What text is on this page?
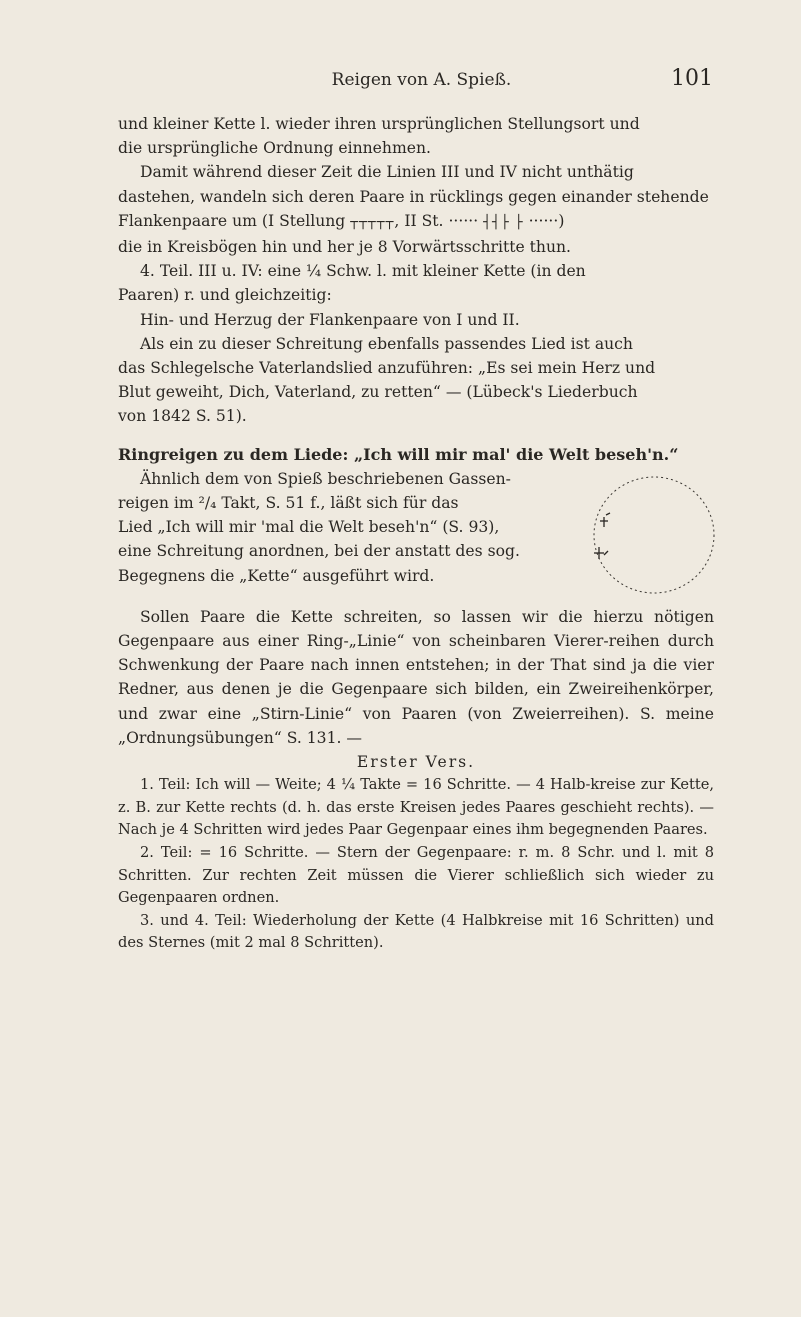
Reigen von A. Spieß.	101

und kleiner Kette l. wieder ihren ursprünglichen Stellungsort und

die ursprüngliche Ordnung einnehmen.

Damit während dieser Zeit die Linien III und IV nicht unthätig

dastehen, wandeln sich deren Paare in rücklings gegen einander stehende

Flankenpaare um (I Stellung ┬┬┬┬┬, II St. ······ ┤┤├ ├ ······)

die in Kreisbögen hin und her je 8 Vorwärtsschritte thun.

4. Teil. III u. IV: eine ¼ Schw. l. mit kleiner Kette (in den

Paaren) r. und gleichzeitig:

Hin- und Herzug der Flankenpaare von I und II.

Als ein zu dieser Schreitung ebenfalls passendes Lied ist auch

das Schlegelsche Vaterlandslied anzuführen: „Es sei mein Herz und

Blut geweiht, Dich, Vaterland, zu retten“ — (Lübeck's Liederbuch

von 1842 S. 51).

Ringreigen zu dem Liede: „Ich will mir mal' die Welt beseh'n.“

Ähnlich dem von Spieß beschriebenen Gassen-

reigen im ²/₄ Takt, S. 51 f., läßt sich für das

Lied „Ich will mir 'mal die Welt beseh'n“ (S. 93),

eine Schreitung anordnen, bei der anstatt des sog.

Begegnens die „Kette“ ausgeführt wird.

Sollen Paare die Kette schreiten, so lassen wir die hierzu nötigen Gegenpaare aus einer Ring-„Linie“ von scheinbaren Vierer-reihen durch Schwenkung der Paare nach innen entstehen; in der That sind ja die vier Redner, aus denen je die Gegenpaare sich bilden, ein Zweireihenkörper, und zwar eine „Stirn-Linie“ von Paaren (von Zweierreihen). S. meine „Ordnungsübungen“ S. 131. —

Erster Vers.

1. Teil: Ich will — Weite; 4 ¼ Takte = 16 Schritte. — 4 Halb-kreise zur Kette, z. B. zur Kette rechts (d. h. das erste Kreisen jedes Paares geschieht rechts). — Nach je 4 Schritten wird jedes Paar Gegenpaar eines ihm begegnenden Paares.

2. Teil: = 16 Schritte. — Stern der Gegenpaare: r. m. 8 Schr. und l. mit 8 Schritten. Zur rechten Zeit müssen die Vierer schließlich sich wieder zu Gegenpaaren ordnen.

3. und 4. Teil: Wiederholung der Kette (4 Halbkreise mit 16 Schritten) und des Sternes (mit 2 mal 8 Schritten).
